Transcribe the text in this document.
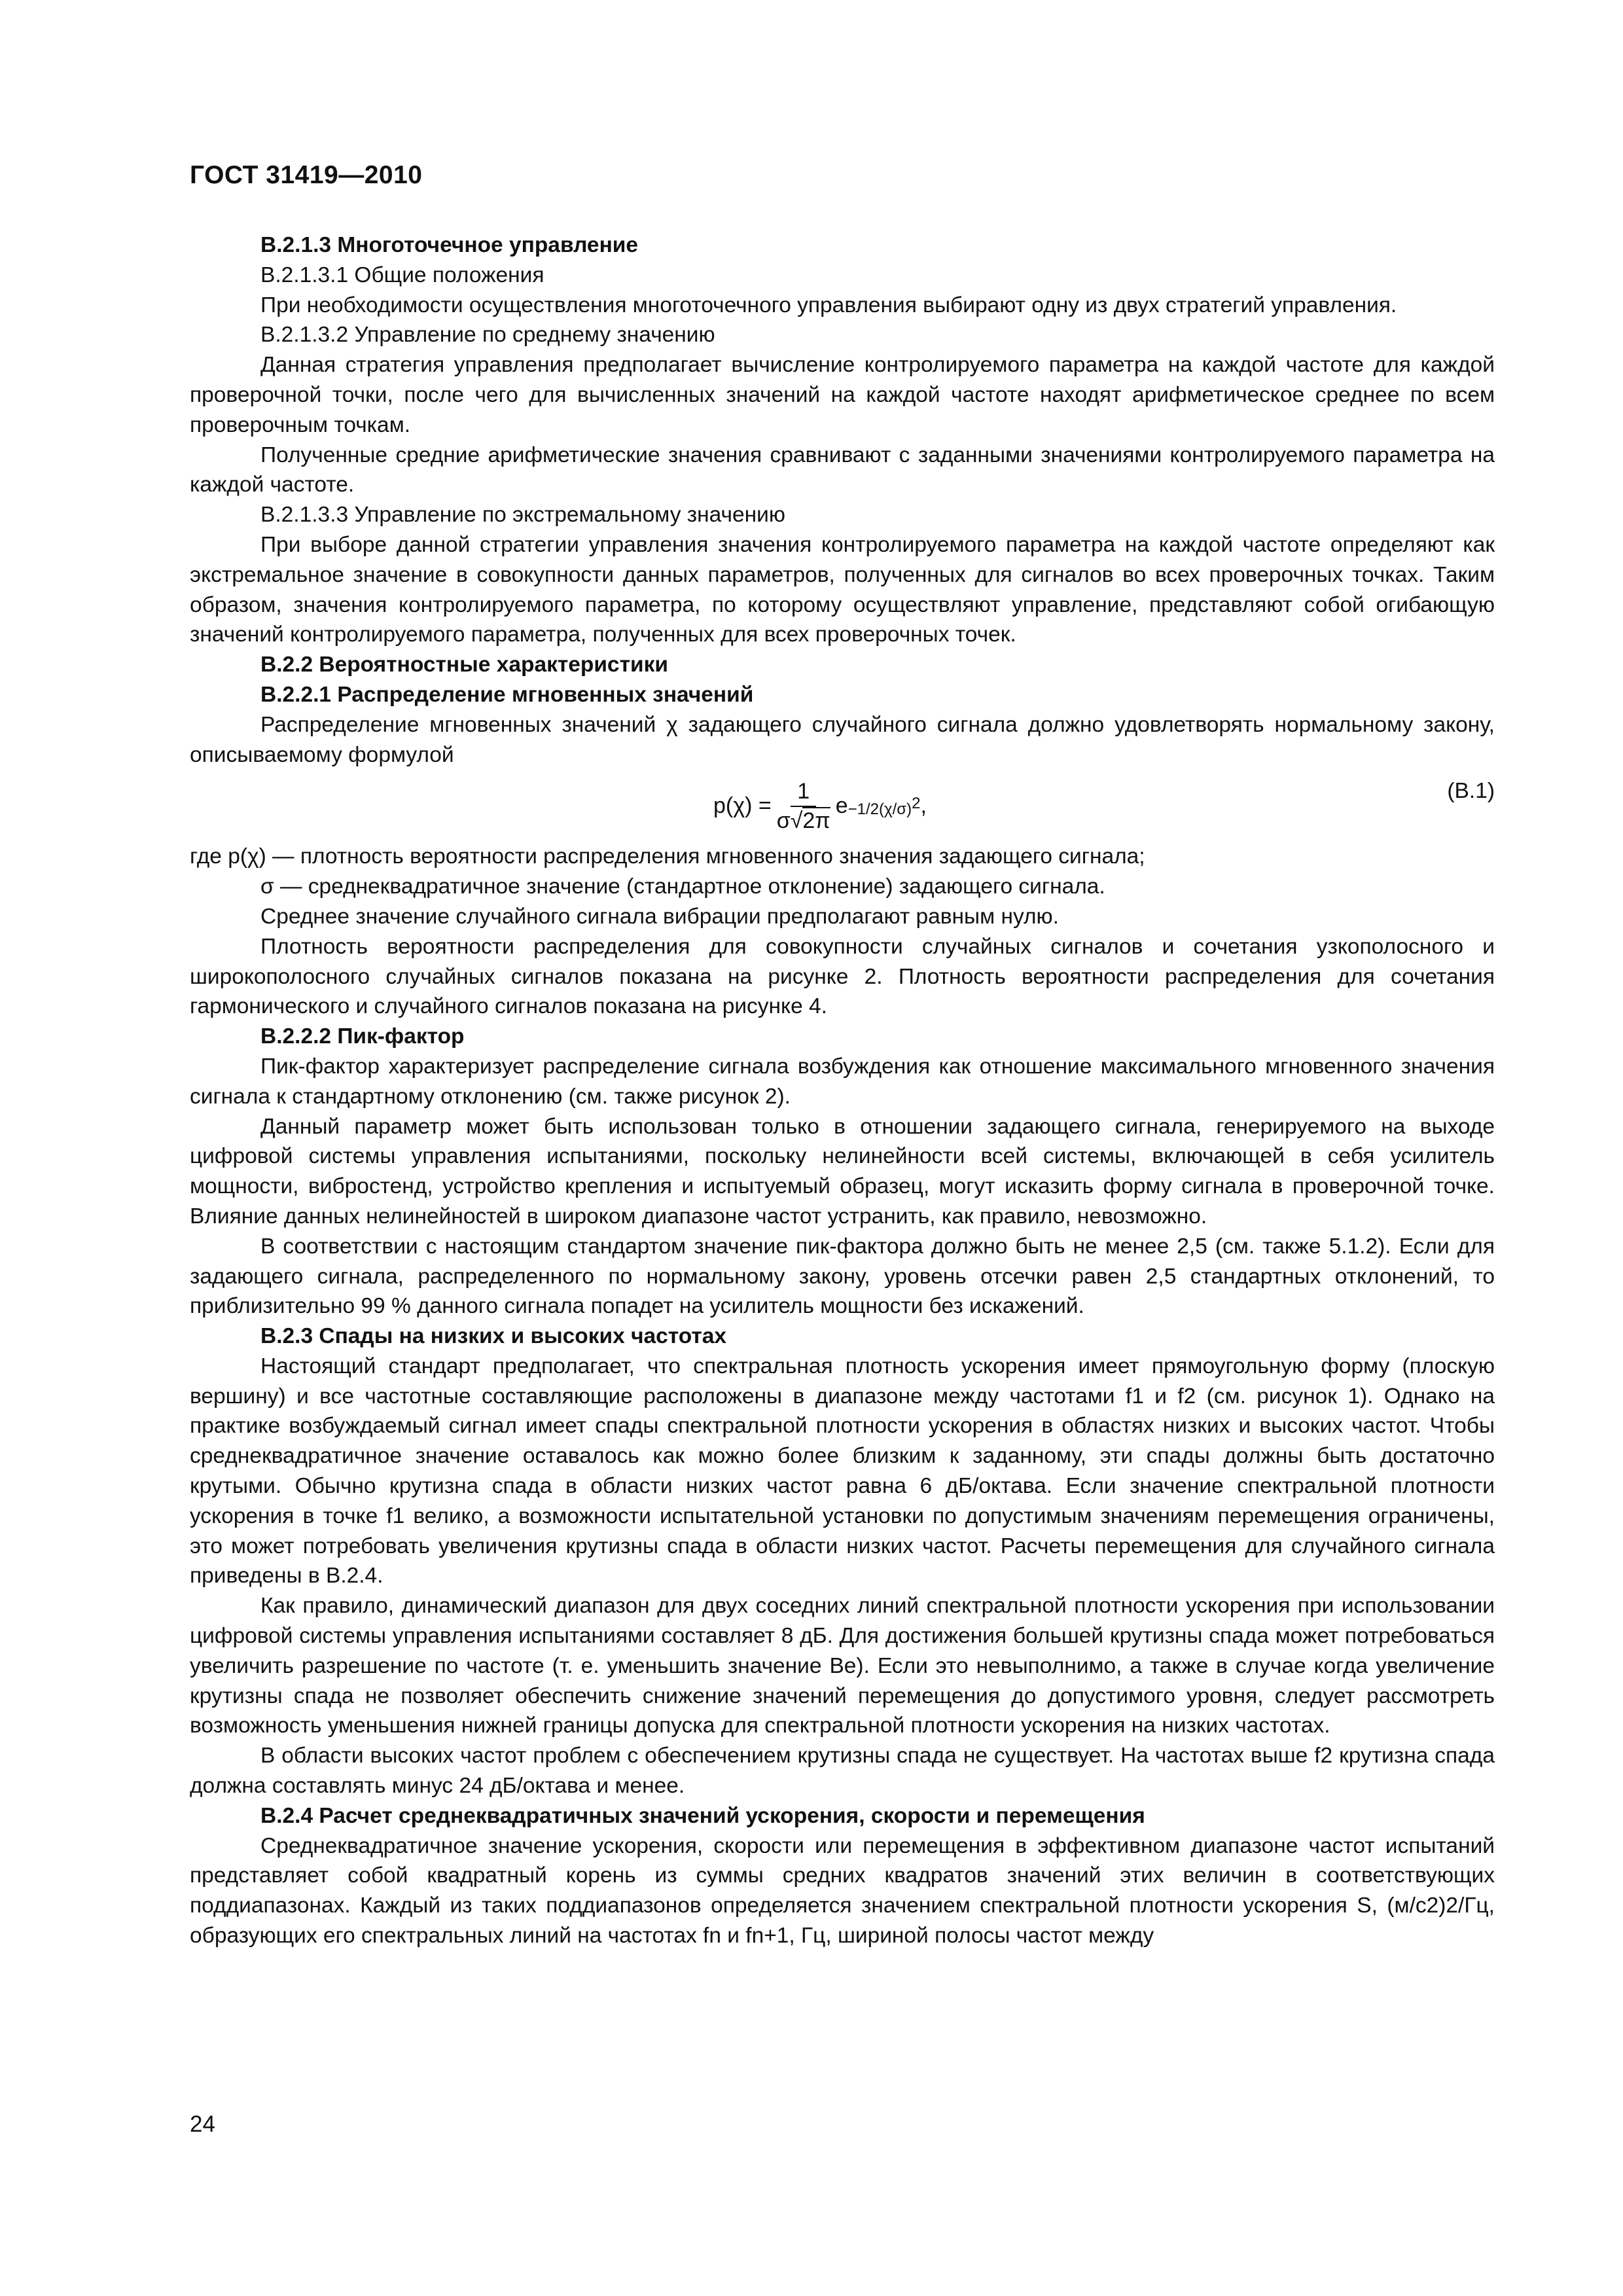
ГОСТ 31419—2010

В.2.1.3 Многоточечное управление

В.2.1.3.1 Общие положения

При необходимости осуществления многоточечного управления выбирают одну из двух стратегий управления.

В.2.1.3.2 Управление по среднему значению

Данная стратегия управления предполагает вычисление контролируемого параметра на каждой частоте для каждой проверочной точки, после чего для вычисленных значений на каждой частоте находят арифметическое среднее по всем проверочным точкам.

Полученные средние арифметические значения сравнивают с заданными значениями контролируемого параметра на каждой частоте.

В.2.1.3.3 Управление по экстремальному значению

При выборе данной стратегии управления значения контролируемого параметра на каждой частоте определяют как экстремальное значение в совокупности данных параметров, полученных для сигналов во всех проверочных точках. Таким образом, значения контролируемого параметра, по которому осуществляют управление, представляют собой огибающую значений контролируемого параметра, полученных для всех проверочных точек.

В.2.2 Вероятностные характеристики

В.2.2.1 Распределение мгновенных значений

Распределение мгновенных значений χ задающего случайного сигнала должно удовлетворять нормальному закону, описываемому формулой

$p(\chi) = \frac{1}{\sigma√2\pi}$ $e -1/2(\chi/\sigma)^2$ ,
(В.1)

где p(χ) — плотность вероятности распределения мгновенного значения задающего сигнала;

σ — среднеквадратичное значение (стандартное отклонение) задающего сигнала.

Среднее значение случайного сигнала вибрации предполагают равным нулю.

Плотность вероятности распределения для совокупности случайных сигналов и сочетания узкополосного и широкополосного случайных сигналов показана на рисунке 2. Плотность вероятности распределения для сочетания гармонического и случайного сигналов показана на рисунке 4.

В.2.2.2 Пик-фактор

Пик-фактор характеризует распределение сигнала возбуждения как отношение максимального мгновенного значения сигнала к стандартному отклонению (см. также рисунок 2).

Данный параметр может быть использован только в отношении задающего сигнала, генерируемого на выходе цифровой системы управления испытаниями, поскольку нелинейности всей системы, включающей в себя усилитель мощности, вибростенд, устройство крепления и испытуемый образец, могут исказить форму сигнала в проверочной точке. Влияние данных нелинейностей в широком диапазоне частот устранить, как правило, невозможно.

В соответствии с настоящим стандартом значение пик-фактора должно быть не менее 2,5 (см. также 5.1.2). Если для задающего сигнала, распределенного по нормальному закону, уровень отсечки равен 2,5 стандартных отклонений, то приблизительно 99 % данного сигнала попадет на усилитель мощности без искажений.

В.2.3 Спады на низких и высоких частотах

Настоящий стандарт предполагает, что спектральная плотность ускорения имеет прямоугольную форму (плоскую вершину) и все частотные составляющие расположены в диапазоне между частотами f1 и f2 (см. рисунок 1). Однако на практике возбуждаемый сигнал имеет спады спектральной плотности ускорения в областях низких и высоких частот. Чтобы среднеквадратичное значение оставалось как можно более близким к заданному, эти спады должны быть достаточно крутыми. Обычно крутизна спада в области низких частот равна 6 дБ/октава. Если значение спектральной плотности ускорения в точке f1 велико, а возможности испытательной установки по допустимым значениям перемещения ограничены, это может потребовать увеличения крутизны спада в области низких частот. Расчеты перемещения для случайного сигнала приведены в В.2.4.

Как правило, динамический диапазон для двух соседних линий спектральной плотности ускорения при использовании цифровой системы управления испытаниями составляет 8 дБ. Для достижения большей крутизны спада может потребоваться увеличить разрешение по частоте (т. е. уменьшить значение Be). Если это невыполнимо, а также в случае когда увеличение крутизны спада не позволяет обеспечить снижение значений перемещения до допустимого уровня, следует рассмотреть возможность уменьшения нижней границы допуска для спектральной плотности ускорения на низких частотах.

В области высоких частот проблем с обеспечением крутизны спада не существует. На частотах выше f2 крутизна спада должна составлять минус 24 дБ/октава и менее.

В.2.4 Расчет среднеквадратичных значений ускорения, скорости и перемещения

Среднеквадратичное значение ускорения, скорости или перемещения в эффективном диапазоне частот испытаний представляет собой квадратный корень из суммы средних квадратов значений этих величин в соответствующих поддиапазонах. Каждый из таких поддиапазонов определяется значением спектральной плотности ускорения S, (м/с2)2/Гц, образующих его спектральных линий на частотах fn и fn+1, Гц, шириной полосы частот между

24
